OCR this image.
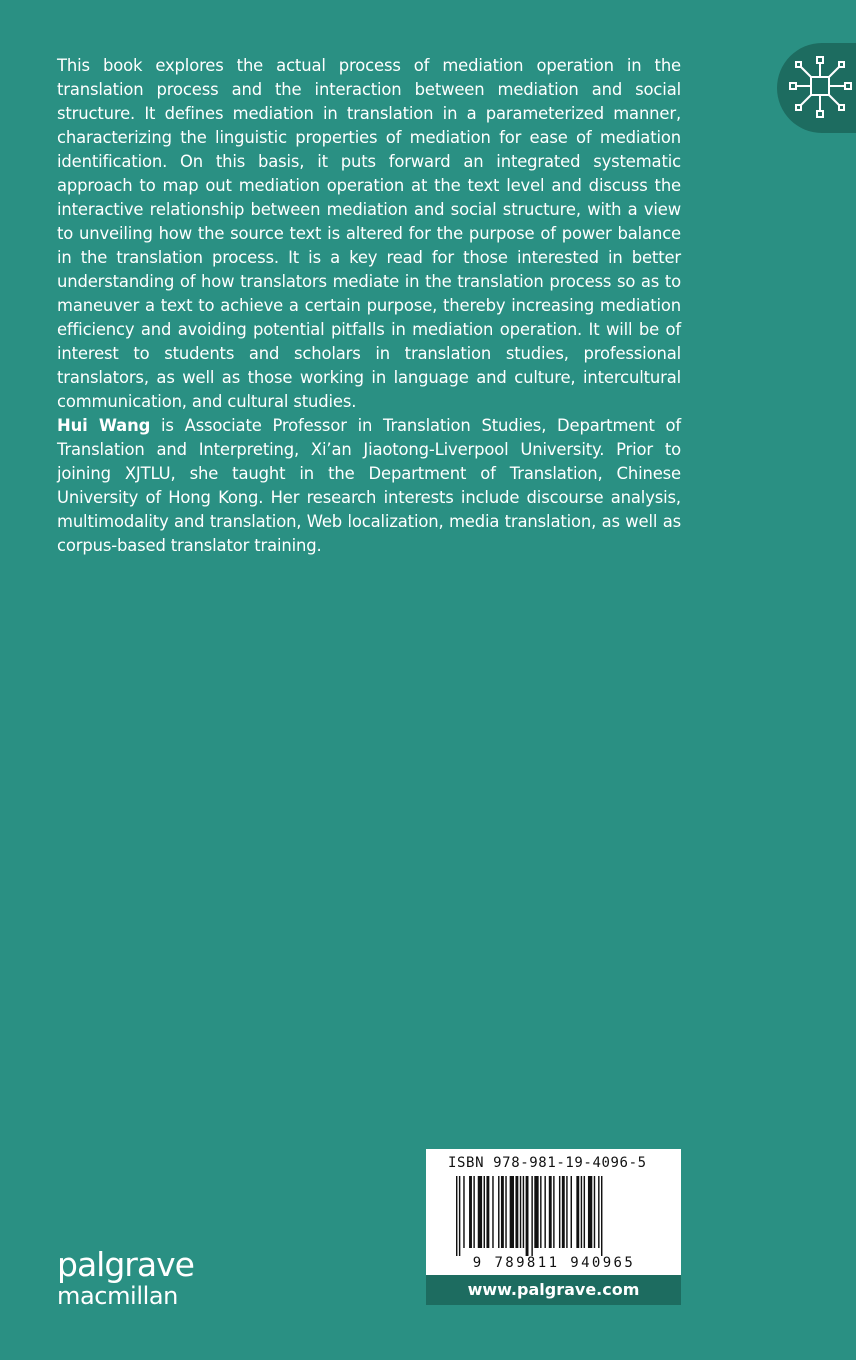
This book explores the actual process of mediation operation in the translation process and the interaction between mediation and social structure. It defines mediation in translation in a parameterized manner, characterizing the linguistic properties of mediation for ease of mediation identification. On this basis, it puts forward an integrated systematic approach to map out mediation operation at the text level and discuss the interactive relationship between mediation and social structure, with a view to unveiling how the source text is altered for the purpose of power balance in the translation process. It is a key read for those interested in better understanding of how translators mediate in the translation process so as to maneuver a text to achieve a certain purpose, thereby increasing mediation efficiency and avoiding potential pitfalls in mediation operation. It will be of interest to students and scholars in translation studies, professional translators, as well as those working in language and culture, intercultural communication, and cultural studies.

Hui Wang is Associate Professor in Translation Studies, Department of Translation and Interpreting, Xi’an Jiaotong-Liverpool University. Prior to joining XJTLU, she taught in the Department of Translation, Chinese University of Hong Kong. Her research interests include discourse analysis, multimodality and translation, Web localization, media translation, as well as corpus-based translator training.

ISBN 978-981-19-4096-5
9 789811 940965
www.palgrave.com
palgrave
macmillan
